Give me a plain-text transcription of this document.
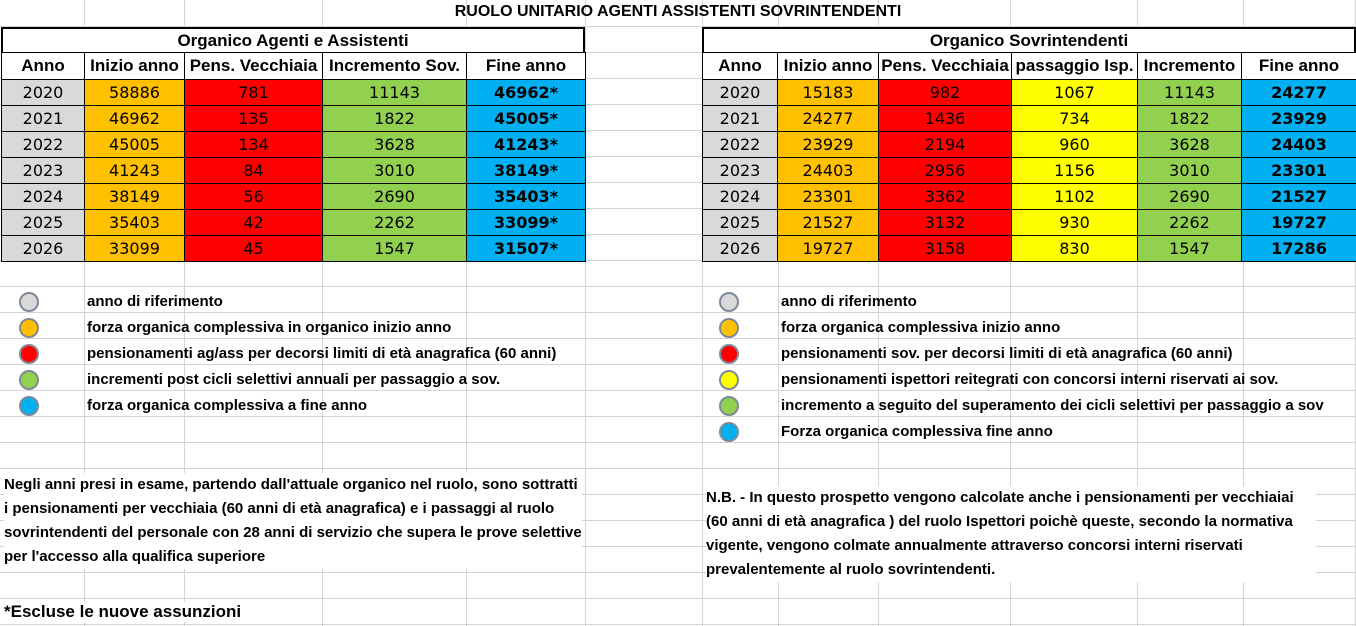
RUOLO UNITARIO AGENTI ASSISTENTI SOVRINTENDENTI
Organico Agenti e Assistenti
Anno	Inizio anno	Pens. Vecchiaia	Incremento Sov.	Fine anno
2020	58886	781	11143	46962*
2021	46962	135	1822	45005*
2022	45005	134	3628	41243*
2023	41243	84	3010	38149*
2024	38149	56	2690	35403*
2025	35403	42	2262	33099*
2026	33099	45	1547	31507*
Organico Sovrintendenti
Anno	Inizio anno	Pens. Vecchiaia	passaggio Isp.	Incremento	Fine anno
2020	15183	982	1067	11143	24277
2021	24277	1436	734	1822	23929
2022	23929	2194	960	3628	24403
2023	24403	2956	1156	3010	23301
2024	23301	3362	1102	2690	21527
2025	21527	3132	930	2262	19727
2026	19727	3158	830	1547	17286
anno di riferimento
forza organica complessiva in organico inizio anno
pensionamenti ag/ass per decorsi limiti di età anagrafica (60 anni)
incrementi post cicli selettivi annuali per passaggio a sov.
forza organica complessiva a fine anno
anno di riferimento
forza organica complessiva inizio anno
pensionamenti sov. per decorsi limiti di età anagrafica (60 anni)
pensionamenti ispettori reitegrati con concorsi interni riservati ai sov.
incremento a seguito del superamento dei cicli selettivi per passaggio a sov
Forza organica complessiva fine anno
Negli anni presi in esame, partendo dall'attuale organico nel ruolo, sono sottratti i pensionamenti per vecchiaia (60 anni di età anagrafica) e i passaggi al ruolo sovrintendenti del personale con 28 anni di servizio che supera le prove selettive per l'accesso alla qualifica superiore
N.B. - In questo prospetto vengono calcolate anche i pensionamenti per vecchiaiai (60 anni di età anagrafica ) del ruolo Ispettori poichè queste, secondo la normativa vigente, vengono colmate annualmente attraverso concorsi interni riservati prevalentemente al ruolo sovrintendenti.
*Escluse le nuove assunzioni
